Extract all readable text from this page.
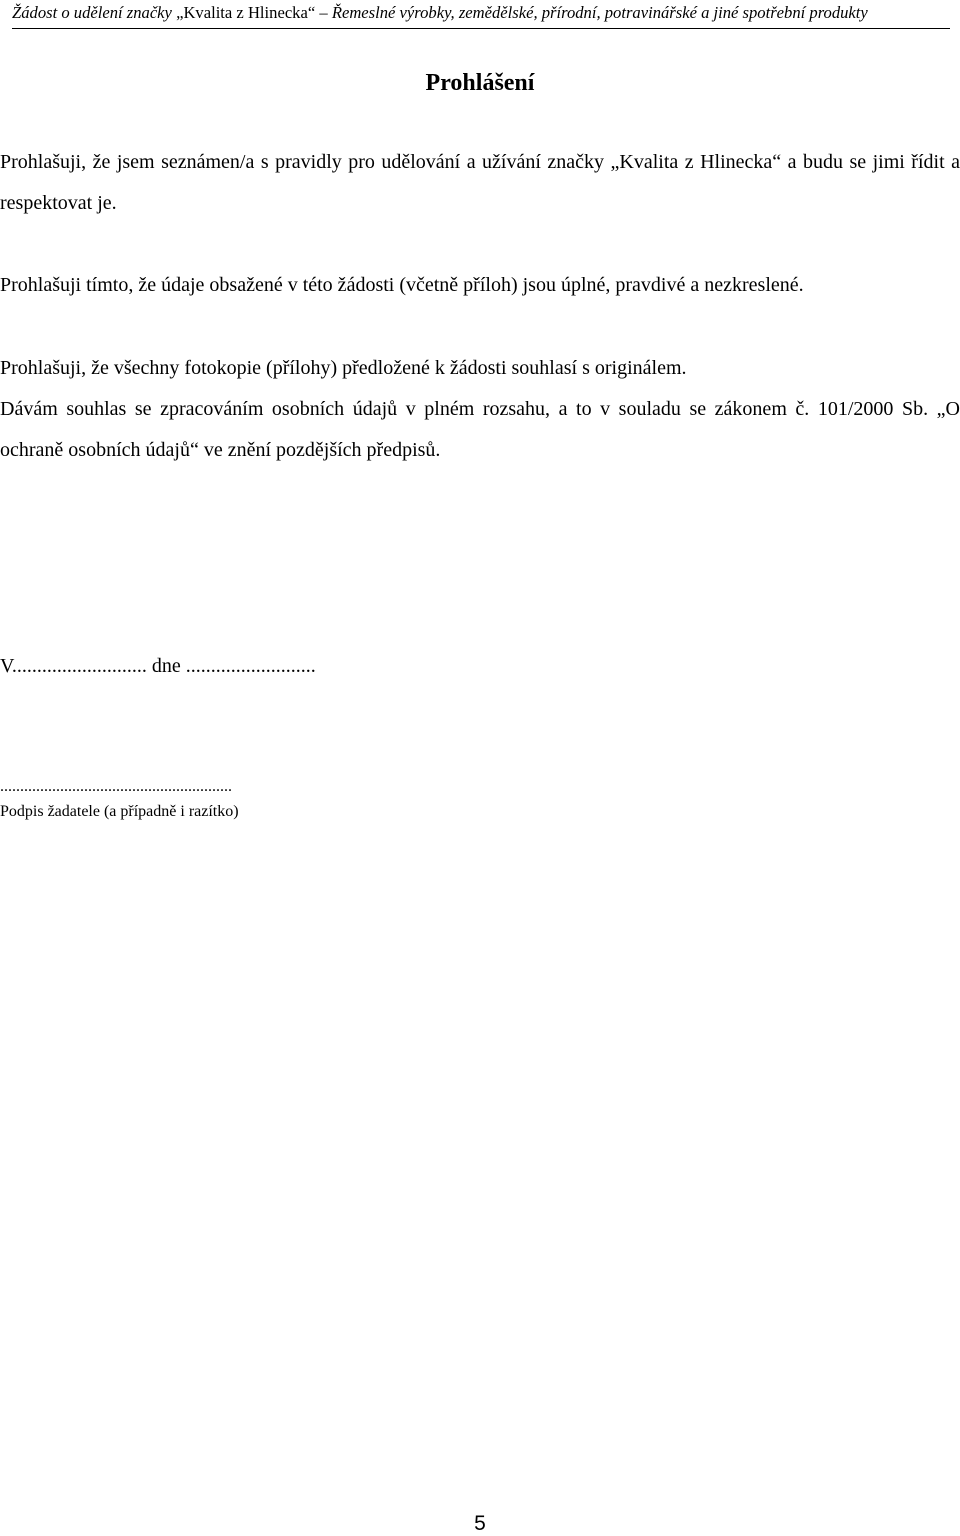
Žádost o udělení značky „Kvalita z Hlinecka“ – Řemeslné výrobky, zemědělské, přírodní, potravinářské a jiné spotřební produkty
Prohlášení

Prohlašuji, že jsem seznámen/a s pravidly pro udělování a užívání značky „Kvalita z Hlinecka“ a budu se jimi řídit a respektovat je.

Prohlašuji tímto, že údaje obsažené v této žádosti (včetně příloh) jsou úplné, pravdivé a nezkreslené.

Prohlašuji, že všechny fotokopie (přílohy) předložené k žádosti souhlasí s originálem.

Dávám souhlas se zpracováním osobních údajů v plném rozsahu, a to v souladu se zákonem č. 101/2000 Sb. „O ochraně osobních údajů“ ve znění pozdějších předpisů.

V........................... dne ..........................
..........................................................
Podpis žadatele (a případně i razítko)
5
